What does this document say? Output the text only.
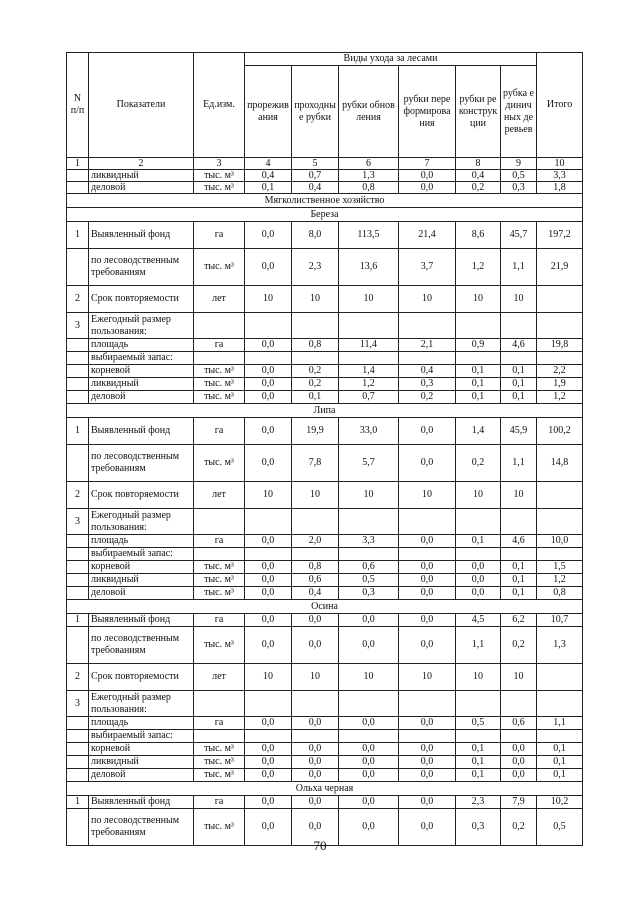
N п/п	Показатели	Ед.изм.	Виды ухода за лесами						Итого
			прореживания	проходные рубки	рубки обновления	рубки переформирования	рубки реконструкции	рубка единичных деревьев	
1	2	3	4	5	6	7	8	9	10
	ликвидный	тыс. м³	0,4	0,7	1,3	0,0	0,4	0,5	3,3
	деловой	тыс. м³	0,1	0,4	0,8	0,0	0,2	0,3	1,8
Мягколиственное хозяйство									
Береза									
1	Выявленный фонд	га	0,0	8,0	113,5	21,4	8,6	45,7	197,2
	по лесоводственным требованиям	тыс. м³	0,0	2,3	13,6	3,7	1,2	1,1	21,9
2	Срок повторяемости	лет	10	10	10	10	10	10	
3	Ежегодный размер пользования:								
	площадь	га	0,0	0,8	11,4	2,1	0,9	4,6	19,8
	выбираемый запас:								
	корневой	тыс. м³	0,0	0,2	1,4	0,4	0,1	0,1	2,2
	ликвидный	тыс. м³	0,0	0,2	1,2	0,3	0,1	0,1	1,9
	деловой	тыс. м³	0,0	0,1	0,7	0,2	0,1	0,1	1,2
Липа									
1	Выявленный фонд	га	0,0	19,9	33,0	0,0	1,4	45,9	100,2
	по лесоводственным требованиям	тыс. м³	0,0	7,8	5,7	0,0	0,2	1,1	14,8
2	Срок повторяемости	лет	10	10	10	10	10	10	
3	Ежегодный размер пользования:								
	площадь	га	0,0	2,0	3,3	0,0	0,1	4,6	10,0
	выбираемый запас:								
	корневой	тыс. м³	0,0	0,8	0,6	0,0	0,0	0,1	1,5
	ликвидный	тыс. м³	0,0	0,6	0,5	0,0	0,0	0,1	1,2
	деловой	тыс. м³	0,0	0,4	0,3	0,0	0,0	0,1	0,8
Осина									
1	Выявленный фонд	га	0,0	0,0	0,0	0,0	4,5	6,2	10,7
	по лесоводственным требованиям	тыс. м³	0,0	0,0	0,0	0,0	1,1	0,2	1,3
2	Срок повторяемости	лет	10	10	10	10	10	10	
3	Ежегодный размер пользования:								
	площадь	га	0,0	0,0	0,0	0,0	0,5	0,6	1,1
	выбираемый запас:								
	корневой	тыс. м³	0,0	0,0	0,0	0,0	0,1	0,0	0,1
	ликвидный	тыс. м³	0,0	0,0	0,0	0,0	0,1	0,0	0,1
	деловой	тыс. м³	0,0	0,0	0,0	0,0	0,1	0,0	0,1
Ольха черная									
1	Выявленный фонд	га	0,0	0,0	0,0	0,0	2,3	7,9	10,2
	по лесоводственным требованиям	тыс. м³	0,0	0,0	0,0	0,0	0,3	0,2	0,5
70
